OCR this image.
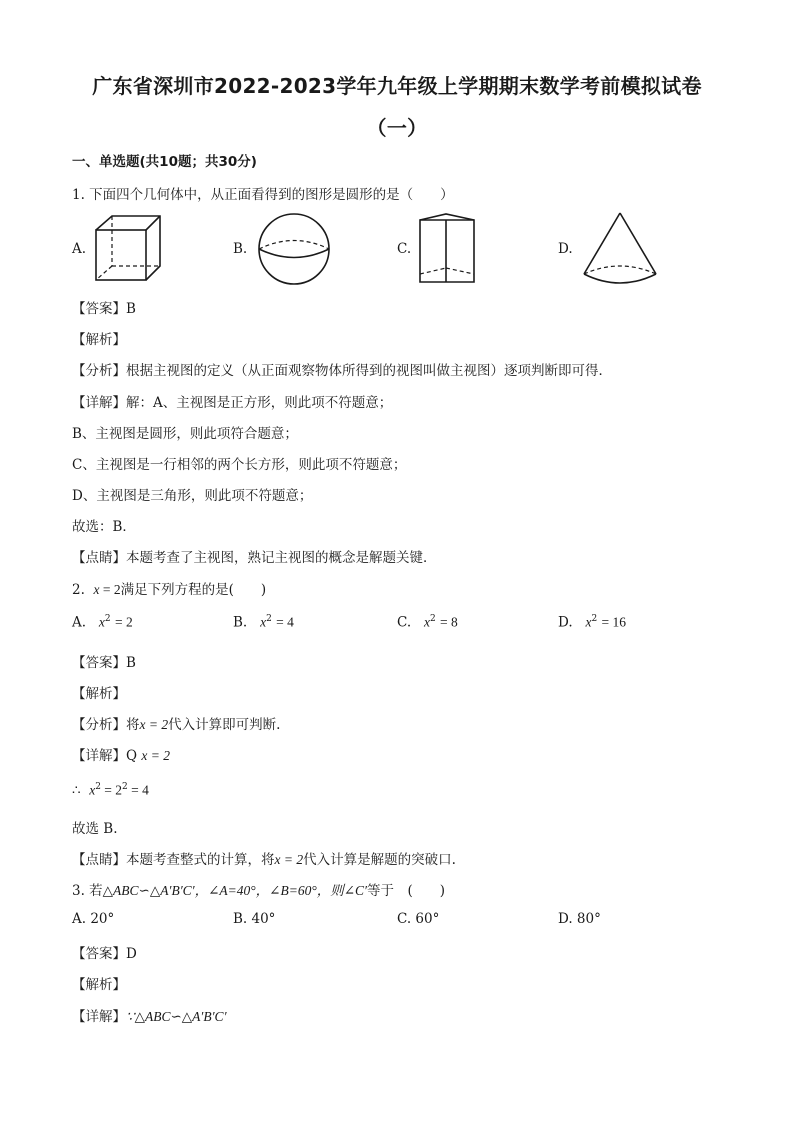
广东省深圳市2022-2023学年九年级上学期期末数学考前模拟试卷
（一）
一、单选题(共10题；共30分)
1. 下面四个几何体中，从正面看得到的图形是圆形的是（　　）
A.	B.	C.	D.
【答案】B
【解析】
【分析】根据主视图的定义（从正面观察物体所得到的视图叫做主视图）逐项判断即可得．
【详解】解：A、主视图是正方形，则此项不符题意；
B、主视图是圆形，则此项符合题意；
C、主视图是一行相邻的两个长方形，则此项不符题意；
D、主视图是三角形，则此项不符题意；
故选：B．
【点睛】本题考查了主视图，熟记主视图的概念是解题关键．
2. x = 2满足下列方程的是(　　)
A. $x^2 = 2$	B. $x^2 = 4$	C. $x^2 = 8$	D. $x^2 = 16$
【答案】B
【解析】
【分析】将x = 2代入计算即可判断.
【详解】Q x = 2
∴ $x^2 = 2^2 = 4$
故选 B.
【点睛】本题考查整式的计算，将x = 2代入计算是解题的突破口.
3. 若△ABC∽△A′B′C′，∠A=40°，∠B=60°，则∠C′等于　(　　)
A. 20°	B. 40°	C. 60°	D. 80°
【答案】D
【解析】
【详解】∵△ABC∽△A′B′C′
